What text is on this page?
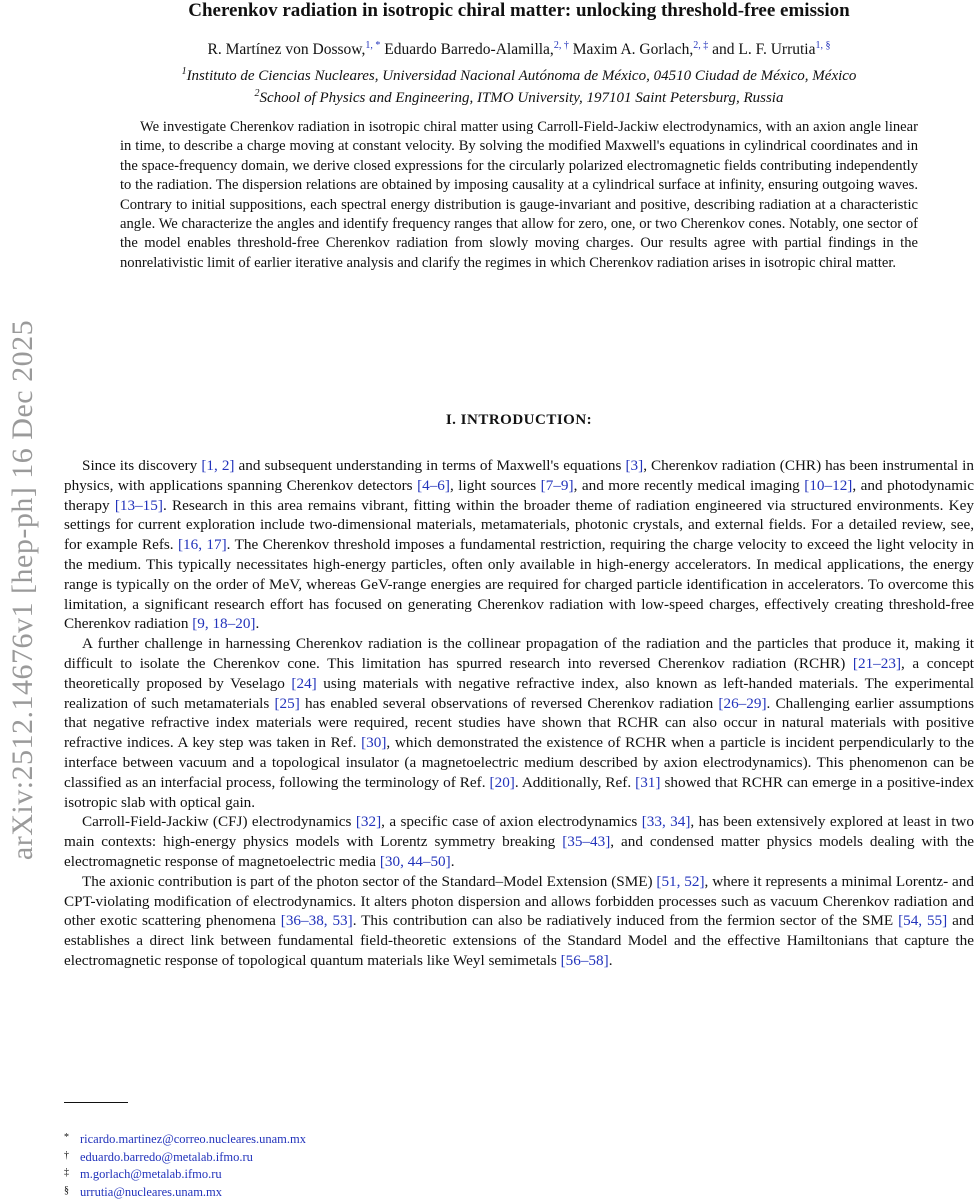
arXiv:2512.14676v1 [hep-ph] 16 Dec 2025
Cherenkov radiation in isotropic chiral matter: unlocking threshold-free emission
R. Martínez von Dossow,$^{1, *}$ Eduardo Barredo-Alamilla,$^{2, \dagger}$ Maxim A. Gorlach,$^{2, \ddagger}$ and L. F. Urrutia$^{1, \S}$
$^1$Instituto de Ciencias Nucleares, Universidad Nacional Autónoma de México, 04510 Ciudad de México, México
$^2$School of Physics and Engineering, ITMO University, 197101 Saint Petersburg, Russia

We investigate Cherenkov radiation in isotropic chiral matter using Carroll-Field-Jackiw electrodynamics, with an axion angle linear in time, to describe a charge moving at constant velocity. By solving the modified Maxwell's equations in cylindrical coordinates and in the space-frequency domain, we derive closed expressions for the circularly polarized electromagnetic fields contributing independently to the radiation. The dispersion relations are obtained by imposing causality at a cylindrical surface at infinity, ensuring outgoing waves. Contrary to initial suppositions, each spectral energy distribution is gauge-invariant and positive, describing radiation at a characteristic angle. We characterize the angles and identify frequency ranges that allow for zero, one, or two Cherenkov cones. Notably, one sector of the model enables threshold-free Cherenkov radiation from slowly moving charges. Our results agree with partial findings in the nonrelativistic limit of earlier iterative analysis and clarify the regimes in which Cherenkov radiation arises in isotropic chiral matter.

I. INTRODUCTION:

Since its discovery [1, 2] and subsequent understanding in terms of Maxwell's equations [3], Cherenkov radiation (CHR) has been instrumental in physics, with applications spanning Cherenkov detectors [4–6], light sources [7–9], and more recently medical imaging [10–12], and photodynamic therapy [13–15]. Research in this area remains vibrant, fitting within the broader theme of radiation engineered via structured environments. Key settings for current exploration include two-dimensional materials, metamaterials, photonic crystals, and external fields. For a detailed review, see, for example Refs. [16, 17]. The Cherenkov threshold imposes a fundamental restriction, requiring the charge velocity to exceed the light velocity in the medium. This typically necessitates high-energy particles, often only available in high-energy accelerators. In medical applications, the energy range is typically on the order of MeV, whereas GeV-range energies are required for charged particle identification in accelerators. To overcome this limitation, a significant research effort has focused on generating Cherenkov radiation with low-speed charges, effectively creating threshold-free Cherenkov radiation [9, 18–20].

A further challenge in harnessing Cherenkov radiation is the collinear propagation of the radiation and the particles that produce it, making it difficult to isolate the Cherenkov cone. This limitation has spurred research into reversed Cherenkov radiation (RCHR) [21–23], a concept theoretically proposed by Veselago [24] using materials with negative refractive index, also known as left-handed materials. The experimental realization of such metamaterials [25] has enabled several observations of reversed Cherenkov radiation [26–29]. Challenging earlier assumptions that negative refractive index materials were required, recent studies have shown that RCHR can also occur in natural materials with positive refractive indices. A key step was taken in Ref. [30], which demonstrated the existence of RCHR when a particle is incident perpendicularly to the interface between vacuum and a topological insulator (a magnetoelectric medium described by axion electrodynamics). This phenomenon can be classified as an interfacial process, following the terminology of Ref. [20]. Additionally, Ref. [31] showed that RCHR can emerge in a positive-index isotropic slab with optical gain.

Carroll-Field-Jackiw (CFJ) electrodynamics [32], a specific case of axion electrodynamics [33, 34], has been extensively explored at least in two main contexts: high-energy physics models with Lorentz symmetry breaking [35–43], and condensed matter physics models dealing with the electromagnetic response of magnetoelectric media [30, 44–50].

The axionic contribution is part of the photon sector of the Standard–Model Extension (SME) [51, 52], where it represents a minimal Lorentz- and CPT-violating modification of electrodynamics. It alters photon dispersion and allows forbidden processes such as vacuum Cherenkov radiation and other exotic scattering phenomena [36–38, 53]. This contribution can also be radiatively induced from the fermion sector of the SME [54, 55] and establishes a direct link between fundamental field-theoretic extensions of the Standard Model and the effective Hamiltonians that capture the electromagnetic response of topological quantum materials like Weyl semimetals [56–58].

* ricardo.martinez@correo.nucleares.unam.mx
† eduardo.barredo@metalab.ifmo.ru
‡ m.gorlach@metalab.ifmo.ru
§ urrutia@nucleares.unam.mx
